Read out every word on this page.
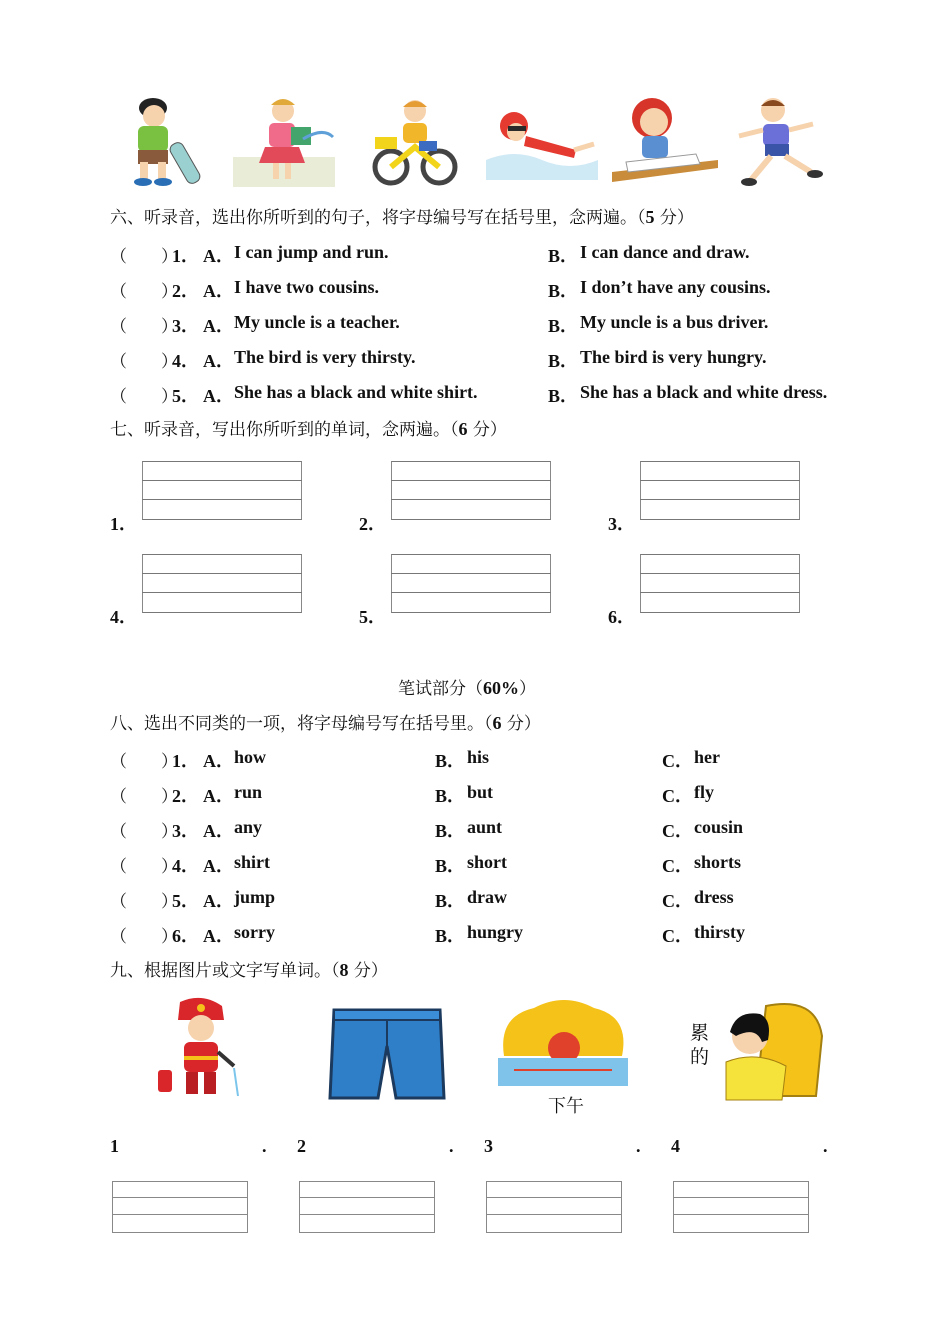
六、听录音，选出你所听到的句子，将字母编号写在括号里，念两遍。（5 分）
（　　）
1． A． I can jump and run.	B． I can dance and draw.
（　　）
2． A． I have two cousins.	B． I don’t have any cousins.
（　　）
3． A． My uncle is a teacher.	B． My uncle is a bus driver.
（　　）
4． A． The bird is very thirsty.	B． The bird is very hungry.
（　　）
5． A． She has a black and white shirt.	B． She has a black and white dress.
七、听录音，写出你所听到的单词，念两遍。（6 分）
1．	2．	3．
4．	5．	6．
笔试部分（60%）
八、选出不同类的一项，将字母编号写在括号里。（6 分）
（　　）
1． A． how	B． his	C． her
（　　）
2． A． run	B． but	C． fly
（　　）
3． A． any	B． aunt	C． cousin
（　　）
4． A． shirt	B． short	C． shorts
（　　）
5． A． jump	B． draw	C． dress
（　　）
6． A． sorry	B． hungry	C． thirsty
九、根据图片或文字写单词。（8 分）
下午
累
的
1	. 2	. 3	. 4	.
